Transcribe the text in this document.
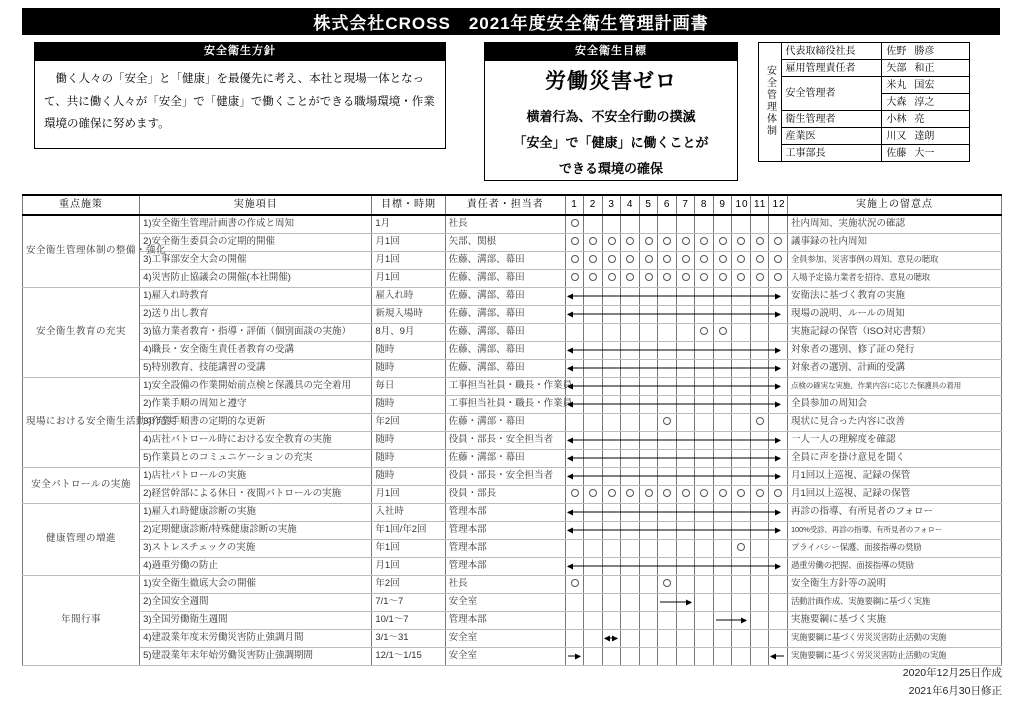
株式会社CROSS　2021年度安全衛生管理計画書
安全衛生方針

働く人々の「安全」と「健康」を最優先に考え、本社と現場一体となって、共に働く人々が「安全」で「健康」で働くことができる職場環境・作業環境の確保に努めます。

安全衛生目標
労働災害ゼロ
横着行為、不安全行動の撲滅
「安全」で「健康」に働くことが
できる環境の確保
安全管理体制	代表取締役社長	佐野 勝彦
	雇用管理責任者	矢部 和正
	安全管理者	米丸 国宏
		大森 淳之
	衛生管理者	小林 亮
	産業医	川又 達朗
	工事部長	佐藤 大一
重点施策	実施項目	目標・時期	責任者・担当者	1	2	3	4	5	6	7	8	9	10	11	12	実施上の留意点
安全衛生管理体制の整備・強化	1)安全衛生管理計画書の作成と周知	1月	社長													社内周知、実施状況の確認
	2)安全衛生委員会の定期的開催	月1回	矢部、関根													議事録の社内周知
	3)工事部安全大会の開催	月1回	佐藤、溝部、幕田													全員参加、災害事例の周知、意見の聴取
	4)災害防止協議会の開催(本社開催)	月1回	佐藤、溝部、幕田													入場予定協力業者を招待、意見の聴取
安全衛生教育の充実	1)雇入れ時教育	雇入れ時	佐藤、溝部、幕田													安衛法に基づく教育の実施
	2)送り出し教育	新規入場時	佐藤、溝部、幕田													現場の説明、ルールの周知
	3)協力業者教育・指導・評価（個別面談の実施）	8月、9月	佐藤、溝部、幕田													実施記録の保管（ISO対応書類）
	4)職長・安全衛生責任者教育の受講	随時	佐藤、溝部、幕田													対象者の選別、修了証の発行
	5)特別教育、技能講習の受講	随時	佐藤、溝部、幕田													対象者の選別、計画的受講
現場における安全衛生活動の充実	1)安全設備の作業開始前点検と保護具の完全着用	毎日	工事担当社員・職長・作業員													点検の確実な実施、作業内容に応じた保護具の着用
	2)作業手順の周知と遵守	随時	工事担当社員・職長・作業員													全員参加の周知会
	3)作業手順書の定期的な更新	年2回	佐藤・溝部・幕田													現状に見合った内容に改善
	4)店社パトロール時における安全教育の実施	随時	役員・部長・安全担当者													一人一人の理解度を確認
	5)作業員とのコミュニケーションの充実	随時	佐藤・溝部・幕田													全員に声を掛け意見を聞く
安全パトロールの実施	1)店社パトロールの実施	随時	役員・部長・安全担当者													月1回以上巡視、記録の保管
	2)経営幹部による休日・夜間パトロールの実施	月1回	役員・部長													月1回以上巡視、記録の保管
健康管理の増進	1)雇入れ時健康診断の実施	入社時	管理本部													再診の指導、有所見者のフォロー
	2)定期健康診断/特殊健康診断の実施	年1回/年2回	管理本部													100%受診、再診の指導、有所見者のフォロー
	3)ストレスチェックの実施	年1回	管理本部													プライバシー保護、面接指導の奨励
	4)過重労働の防止	月1回	管理本部													過重労働の把握、面接指導の奨励
年間行事	1)安全衛生徹底大会の開催	年2回	社長													安全衛生方針等の説明
	2)全国安全週間	7/1〜7	安全室													活動計画作成、実施要綱に基づく実施
	3)全国労働衛生週間	10/1〜7	管理本部													実施要綱に基づく実施
	4)建設業年度末労働災害防止強調月間	3/1〜31	安全室													実施要綱に基づく労災災害防止活動の実施
	5)建設業年末年始労働災害防止強調期間	12/1〜1/15	安全室													実施要綱に基づく労災災害防止活動の実施
2020年12月25日作成
2021年6月30日修正
